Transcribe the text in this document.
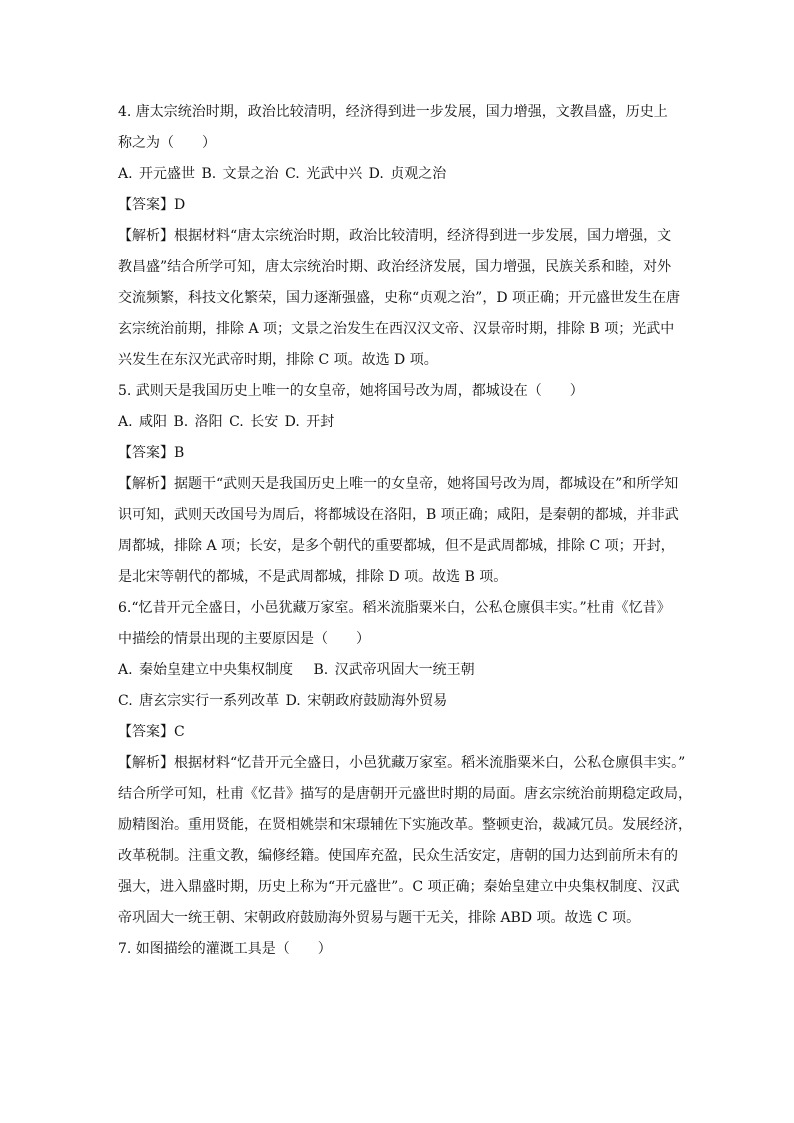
4. 唐太宗统治时期，政治比较清明，经济得到进一步发展，国力增强，文教昌盛，历史上
称之为（　　）
A. 开元盛世 B. 文景之治 C. 光武中兴 D. 贞观之治
【答案】D
【解析】根据材料“唐太宗统治时期，政治比较清明，经济得到进一步发展，国力增强，文
教昌盛”结合所学可知，唐太宗统治时期、政治经济发展，国力增强，民族关系和睦，对外
交流频繁，科技文化繁荣，国力逐渐强盛，史称“贞观之治”，D 项正确；开元盛世发生在唐
玄宗统治前期，排除 A 项；文景之治发生在西汉汉文帝、汉景帝时期，排除 B 项；光武中
兴发生在东汉光武帝时期，排除 C 项。故选 D 项。
5. 武则天是我国历史上唯一的女皇帝，她将国号改为周，都城设在（　　）
A. 咸阳 B. 洛阳 C. 长安 D. 开封
【答案】B
【解析】据题干“武则天是我国历史上唯一的女皇帝，她将国号改为周，都城设在”和所学知
识可知，武则天改国号为周后，将都城设在洛阳，B 项正确；咸阳，是秦朝的都城，并非武
周都城，排除 A 项；长安，是多个朝代的重要都城，但不是武周都城，排除 C 项；开封，
是北宋等朝代的都城，不是武周都城，排除 D 项。故选 B 项。
6.“忆昔开元全盛日，小邑犹藏万家室。稻米流脂粟米白，公私仓廪俱丰实。”杜甫《忆昔》
中描绘的情景出现的主要原因是（　　）
A. 秦始皇建立中央集权制度　 B. 汉武帝巩固大一统王朝
C. 唐玄宗实行一系列改革 D. 宋朝政府鼓励海外贸易
【答案】C
【解析】根据材料“忆昔开元全盛日，小邑犹藏万家室。稻米流脂粟米白，公私仓廪俱丰实。”
结合所学可知，杜甫《忆昔》描写的是唐朝开元盛世时期的局面。唐玄宗统治前期稳定政局，
励精图治。重用贤能，在贤相姚崇和宋璟辅佐下实施改革。整顿吏治，裁减冗员。发展经济，
改革税制。注重文教，编修经籍。使国库充盈，民众生活安定，唐朝的国力达到前所未有的
强大，进入鼎盛时期，历史上称为“开元盛世”。C 项正确；秦始皇建立中央集权制度、汉武
帝巩固大一统王朝、宋朝政府鼓励海外贸易与题干无关，排除 ABD 项。故选 C 项。
7. 如图描绘的灌溉工具是（　　）
